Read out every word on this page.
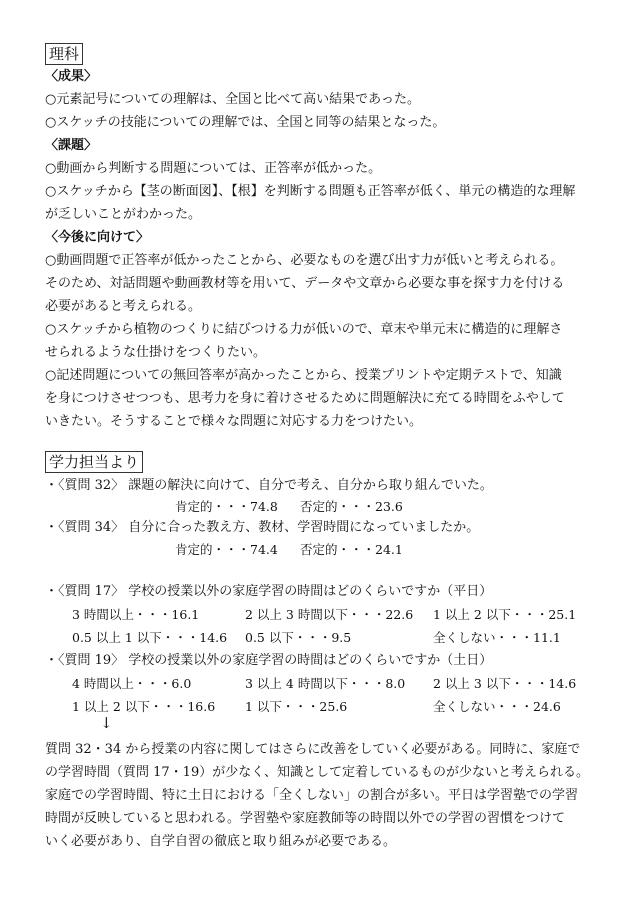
理科
〈成果〉
○元素記号についての理解は、全国と比べて高い結果であった。
○スケッチの技能についての理解では、全国と同等の結果となった。
〈課題〉
○動画から判断する問題については、正答率が低かった。
○スケッチから【茎の断面図】、【根】を判断する問題も正答率が低く、単元の構造的な理解
が乏しいことがわかった。
〈今後に向けて〉
○動画問題で正答率が低かったことから、必要なものを選び出す力が低いと考えられる。
そのため、対話問題や動画教材等を用いて、データや文章から必要な事を探す力を付ける
必要があると考えられる。
○スケッチから植物のつくりに結びつける力が低いので、章末や単元末に構造的に理解さ
せられるような仕掛けをつくりたい。
○記述問題についての無回答率が高かったことから、授業プリントや定期テストで、知識
を身につけさせつつも、思考力を身に着けさせるために問題解決に充てる時間をふやして
いきたい。そうすることで様々な問題に対応する力をつけたい。
学力担当より
・〈質問 32〉 課題の解決に向けて、自分で考え、自分から取り組んでいた。
肯定的・・・74.8 否定的・・・23.6
・〈質問 34〉 自分に合った教え方、教材、学習時間になっていましたか。
肯定的・・・74.4 否定的・・・24.1
・〈質問 17〉 学校の授業以外の家庭学習の時間はどのくらいですか（平日）
3 時間以上・・・16.1	2 以上 3 時間以下・・・22.6 1 以上 2 以下・・・25.1
0.5 以上 1 以下・・・14.6 0.5 以下・・・9.5	全くしない・・・11.1
・〈質問 19〉 学校の授業以外の家庭学習の時間はどのくらいですか（土日）
4 時間以上・・・6.0	3 以上 4 時間以下・・・8.0 2 以上 3 以下・・・14.6
1 以上 2 以下・・・16.6 1 以下・・・25.6	全くしない・・・24.6
↓
質問 32・34 から授業の内容に関してはさらに改善をしていく必要がある。同時に、家庭で
の学習時間（質問 17・19）が少なく、知識として定着しているものが少ないと考えられる。
家庭での学習時間、特に土日における「全くしない」の割合が多い。平日は学習塾での学習
時間が反映していると思われる。学習塾や家庭教師等の時間以外での学習の習慣をつけて
いく必要があり、自学自習の徹底と取り組みが必要である。
